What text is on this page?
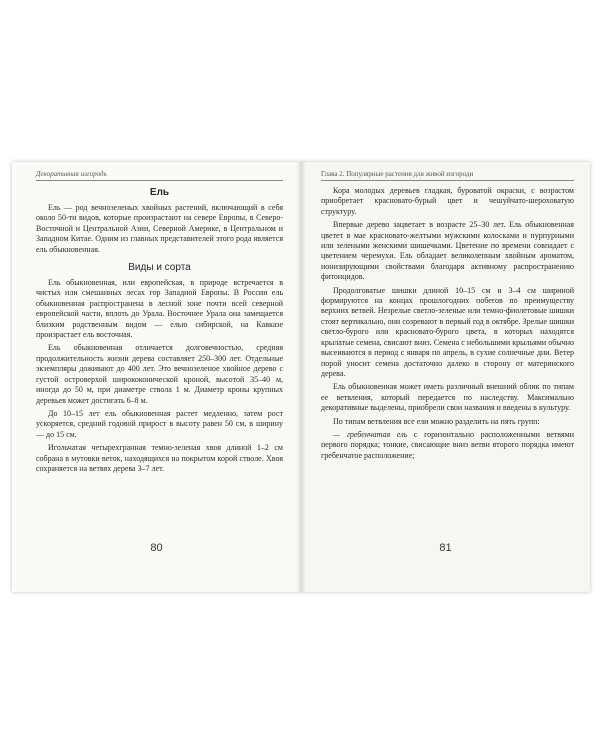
Декоративная изгородь
Ель

Ель — род вечнозеленых хвойных растений, включающий в себя около 50-ти видов, которые произрастают на севере Европы, в Северо-Восточной и Центральной Азии, Северной Америке, в Центральном и Западном Китае. Одним из главных представителей этого рода является ель обыкновенная.

Виды и сорта

Ель обыкновенная, или европейская, в природе встречается в чистых или смешанных лесах гор Западной Европы. В России ель обыкновенная распространена в лесной зоне почти всей северной европейской части, вплоть до Урала. Восточнее Урала она замещается близким родственным видом — елью сибирской, на Кавказе произрастает ель восточная.

Ель обыкновенная отличается долговечностью, средняя продолжительность жизни дерева составляет 250–300 лет. Отдельные экземпляры доживают до 400 лет. Это вечнозеленое хвойное дерево с густой островерхой ширококонической кроной, высотой 35–40 м, иногда до 50 м, при диаметре ствола 1 м. Диаметр кроны крупных деревьев может достигать 6–8 м.

До 10–15 лет ель обыкновенная растет медленно, затем рост ускоряется, средний годовой прирост в высоту равен 50 см, в ширину — до 15 см.

Игольчатая четырехгранная темно-зеленая хвоя длиной 1–2 см собрана в мутовки веток, находящихся на покрытом корой стволе. Хвоя сохраняется на ветвях дерева 3–7 лет.

80
Глава 2. Популярные растения для живой изгороди

Кора молодых деревьев гладкая, буроватой окраски, с возрастом приобретает красновато-бурый цвет и чешуйчато-шероховатую структуру.

Впервые дерево зацветает в возрасте 25–30 лет. Ель обыкновенная цветет в мае красновато-желтыми мужскими колосками и пурпурными или зелеными женскими шишечками. Цветение по времени совпадает с цветением черемухи. Ель обладает великолепным хвойным ароматом, ионизирующими свойствами благодаря активному распространению фитонцидов.

Продолговатые шишки длиной 10–15 см и 3–4 см шириной формируются на концах прошлогодних побегов по преимуществу верхних ветвей. Незрелые светло-зеленые или темно-фиолетовые шишки стоят вертикально, они созревают в первый год в октябре. Зрелые шишки светло-бурого или красновато-бурого цвета, в которых находятся крылатые семена, свисают вниз. Семена с небольшими крыльями обычно высеиваются в период с января по апрель, в сухие солнечные дни. Ветер порой уносит семена достаточно далеко в сторону от материнского дерева.

Ель обыкновенная может иметь различный внешний облик по типам ее ветвления, который передается по наследству. Максимально декоративные выделены, приобрели свои названия и введены в культуру.

По типам ветвления все ели можно разделить на пять групп:

— гребенчатая ель с горизонтально расположенными ветвями первого порядка; тонкие, свисающие вниз ветви второго порядка имеют гребенчатое расположение;

81
